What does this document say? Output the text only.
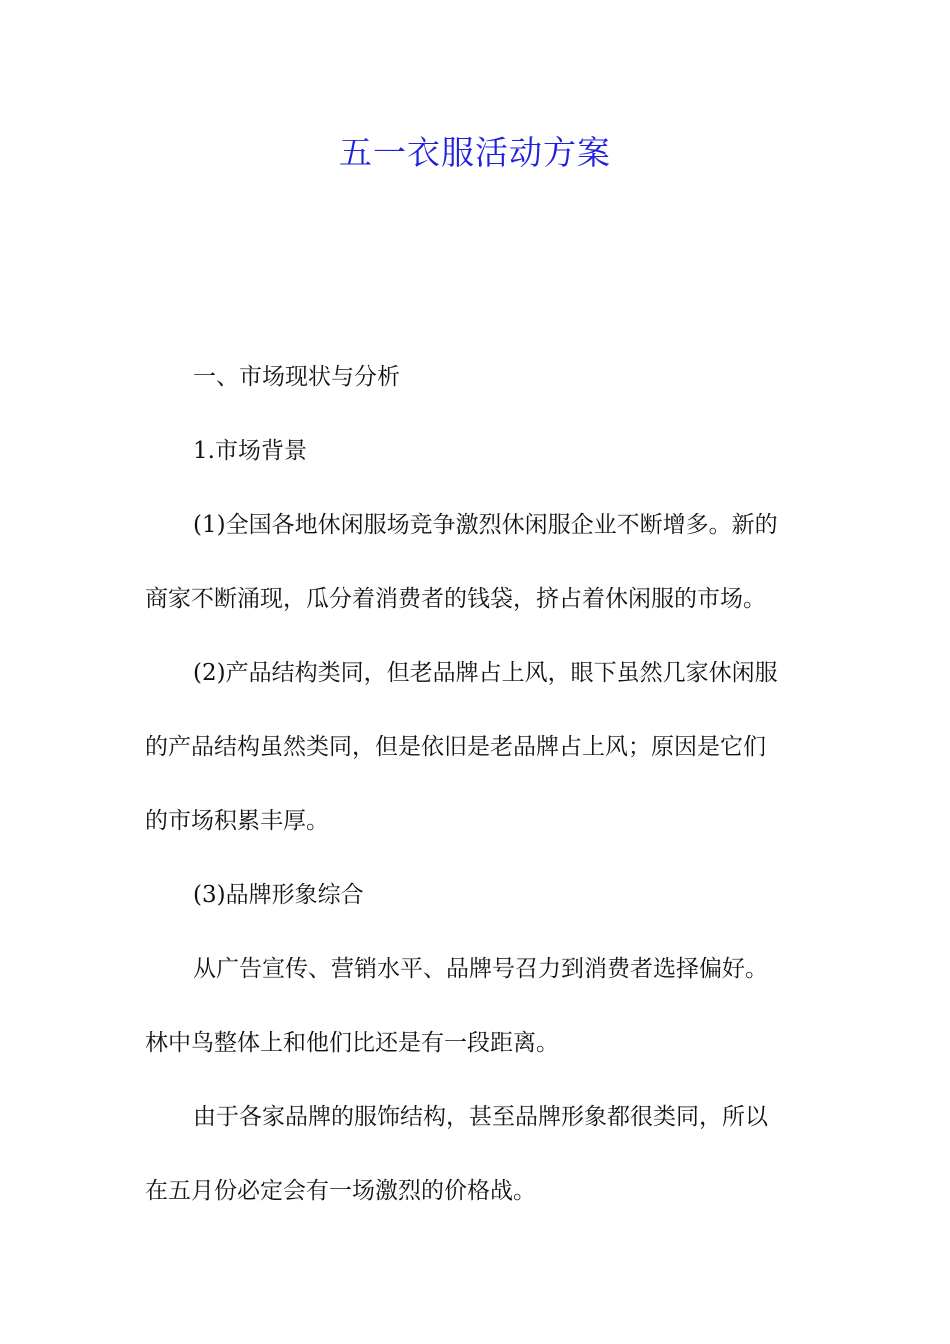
五一衣服活动方案

一、市场现状与分析

1.市场背景

(1)全国各地休闲服场竞争激烈休闲服企业不断增多。新的

商家不断涌现，瓜分着消费者的钱袋，挤占着休闲服的市场。

(2)产品结构类同，但老品牌占上风，眼下虽然几家休闲服

的产品结构虽然类同，但是依旧是老品牌占上风；原因是它们

的市场积累丰厚。

(3)品牌形象综合

从广告宣传、营销水平、品牌号召力到消费者选择偏好。

林中鸟整体上和他们比还是有一段距离。

由于各家品牌的服饰结构，甚至品牌形象都很类同，所以

在五月份必定会有一场激烈的价格战。
